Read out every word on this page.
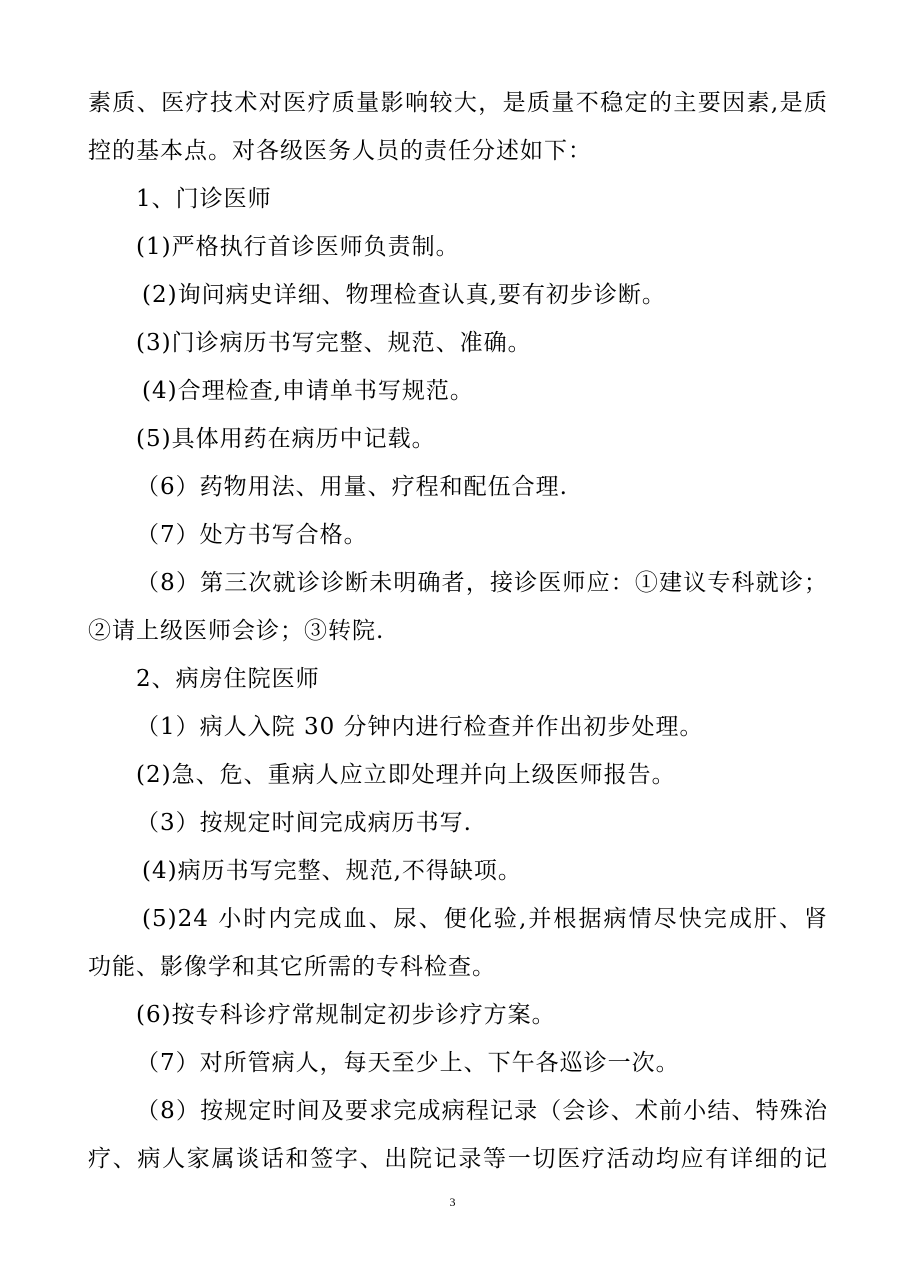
素质、医疗技术对医疗质量影响较大，是质量不稳定的主要因素,是质
控的基本点。对各级医务人员的责任分述如下：
1、门诊医师
(1)严格执行首诊医师负责制。
(2)询问病史详细、物理检查认真,要有初步诊断。
(3)门诊病历书写完整、规范、准确。
(4)合理检查,申请单书写规范。
(5)具体用药在病历中记载。
（6）药物用法、用量、疗程和配伍合理.
（7）处方书写合格。
（8）第三次就诊诊断未明确者，接诊医师应：①建议专科就诊；
②请上级医师会诊；③转院.
2、病房住院医师
（1）病人入院 30 分钟内进行检查并作出初步处理。
(2)急、危、重病人应立即处理并向上级医师报告。
（3）按规定时间完成病历书写.
(4)病历书写完整、规范,不得缺项。
(5)24 小时内完成血、尿、便化验,并根据病情尽快完成肝、肾
功能、影像学和其它所需的专科检查。
(6)按专科诊疗常规制定初步诊疗方案。
（7）对所管病人，每天至少上、下午各巡诊一次。
（8）按规定时间及要求完成病程记录（会诊、术前小结、特殊治
疗、病人家属谈话和签字、出院记录等一切医疗活动均应有详细的记
3
